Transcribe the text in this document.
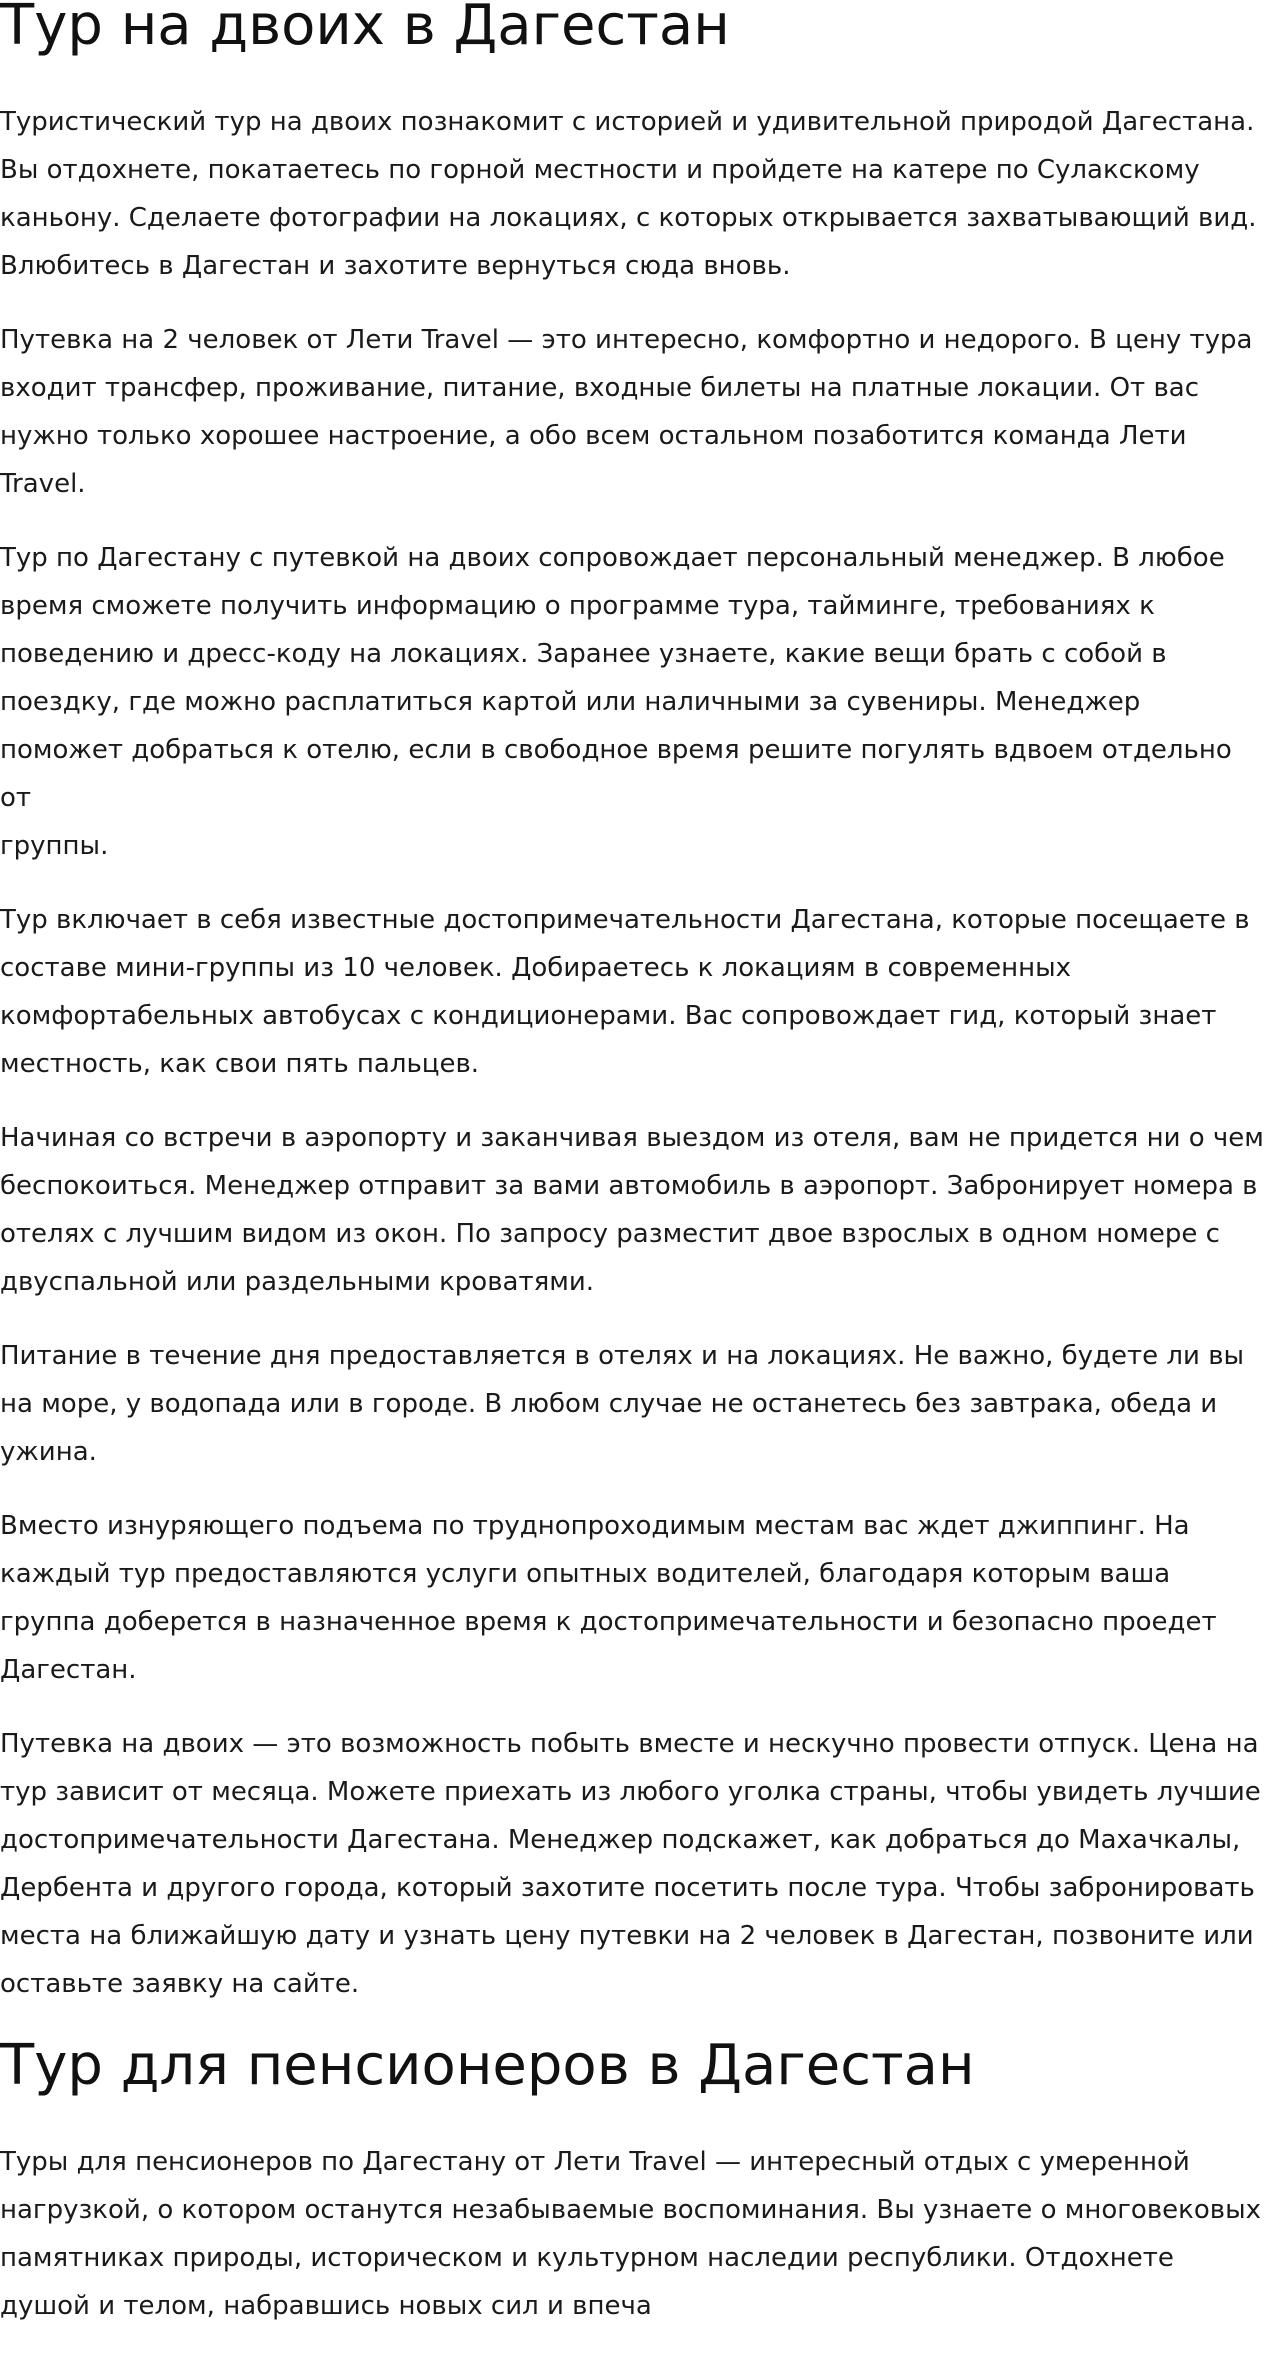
Тур на двоих в Дагестан

Туристический тур на двоих познакомит с историей и удивительной природой Дагестана.
Вы отдохнете, покатаетесь по горной местности и пройдете на катере по Сулакскому
каньону. Сделаете фотографии на локациях, с которых открывается захватывающий вид.
Влюбитесь в Дагестан и захотите вернуться сюда вновь.

Путевка на 2 человек от Лети Travel — это интересно, комфортно и недорого. В цену тура
входит трансфер, проживание, питание, входные билеты на платные локации. От вас
нужно только хорошее настроение, а обо всем остальном позаботится команда Лети
Travel.

Тур по Дагестану с путевкой на двоих сопровождает персональный менеджер. В любое
время сможете получить информацию о программе тура, тайминге, требованиях к
поведению и дресс-коду на локациях. Заранее узнаете, какие вещи брать с собой в
поездку, где можно расплатиться картой или наличными за сувениры. Менеджер
поможет добраться к отелю, если в свободное время решите погулять вдвоем отдельно от
группы.

Тур включает в себя известные достопримечательности Дагестана, которые посещаете в
составе мини-группы из 10 человек. Добираетесь к локациям в современных
комфортабельных автобусах с кондиционерами. Вас сопровождает гид, который знает
местность, как свои пять пальцев.

Начиная со встречи в аэропорту и заканчивая выездом из отеля, вам не придется ни о чем
беспокоиться. Менеджер отправит за вами автомобиль в аэропорт. Забронирует номера в
отелях с лучшим видом из окон. По запросу разместит двое взрослых в одном номере с
двуспальной или раздельными кроватями.

Питание в течение дня предоставляется в отелях и на локациях. Не важно, будете ли вы
на море, у водопада или в городе. В любом случае не останетесь без завтрака, обеда и
ужина.

Вместо изнуряющего подъема по труднопроходимым местам вас ждет джиппинг. На
каждый тур предоставляются услуги опытных водителей, благодаря которым ваша
группа доберется в назначенное время к достопримечательности и безопасно проедет
Дагестан.

Путевка на двоих — это возможность побыть вместе и нескучно провести отпуск. Цена на
тур зависит от месяца. Можете приехать из любого уголка страны, чтобы увидеть лучшие
достопримечательности Дагестана. Менеджер подскажет, как добраться до Махачкалы,
Дербента и другого города, который захотите посетить после тура. Чтобы забронировать
места на ближайшую дату и узнать цену путевки на 2 человек в Дагестан, позвоните или
оставьте заявку на сайте.

Тур для пенсионеров в Дагестан

Туры для пенсионеров по Дагестану от Лети Travel — интересный отдых с умеренной
нагрузкой, о котором останутся незабываемые воспоминания. Вы узнаете о многовековых
памятниках природы, историческом и культурном наследии республики. Отдохнете
душой и телом, набравшись новых сил и впеча
